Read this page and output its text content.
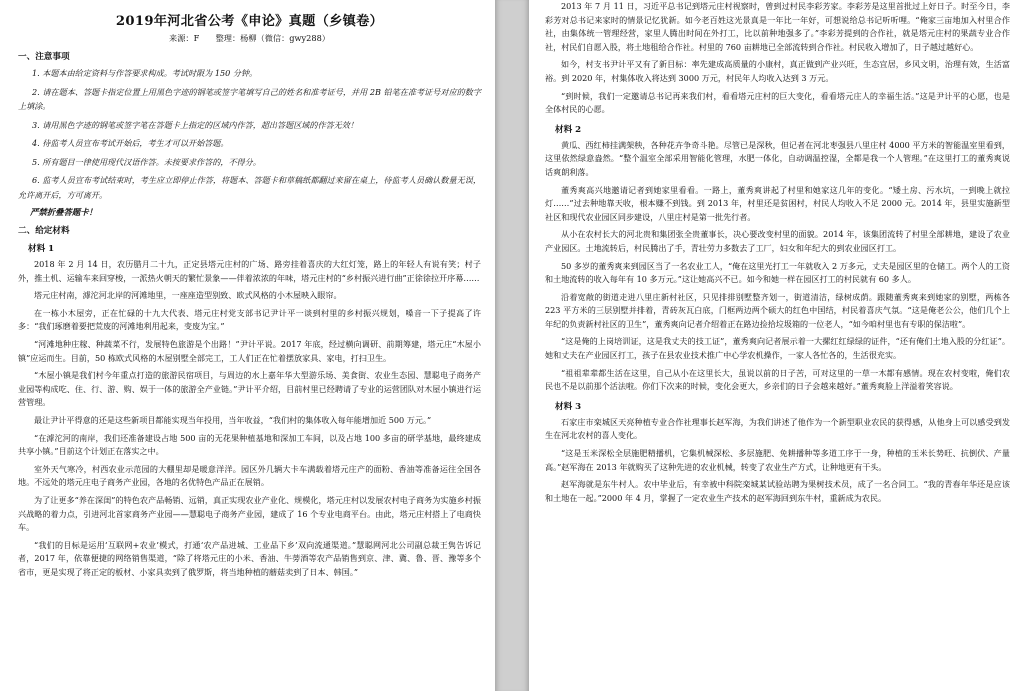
2019年河北省公考《申论》真题（乡镇卷）
来源：F　　整理：杨柳（微信：gwy288）
一、注意事项
1. 本题本由给定资料与作答要求构成。考试时限为 150 分钟。
2. 请在题本、答题卡指定位置上用黑色字迹的钢笔或签字笔填写自己的姓名和准考证号，并用 2B 铅笔在准考证号对应的数字上填涂。
3. 请用黑色字迹的钢笔或签字笔在答题卡上指定的区域内作答，超出答题区域的作答无效！
4. 待监考人员宣布考试开始后，考生才可以开始答题。
5. 所有题目一律使用现代汉语作答。未按要求作答的，不得分。
6. 监考人员宣布考试结束时，考生应立即停止作答，将题本、答题卡和草稿纸都翻过来留在桌上，待监考人员确认数量无误，允许离开后，方可离开。
严禁折叠答题卡！
二、给定材料
材料 1

2018 年 2 月 14 日，农历腊月二十九，正定县塔元庄村的广场、路旁挂着喜庆的大红灯笼，路上的年轻人有说有笑；村子外，推土机、运输车来回穿梭，一派热火朝天的繁忙景象——伴着浓浓的年味，塔元庄村的“乡村振兴进行曲”正徐徐拉开序幕……

塔元庄村南，滹沱河北岸的河滩地里，一座座造型别致、欧式风格的小木屋映入眼帘。

在一栋小木屋旁，正在忙碌的十九大代表、塔元庄村党支部书记尹计平一谈到村里的乡村振兴规划，嗓音一下子提高了许多：“我们琢磨着要把荒废的河滩地利用起来，变废为宝。”

“河滩地种庄稼、种蔬菜不行，发展特色旅游是个出路！”尹计平说。2017 年底，经过横向调研、前期筹建，塔元庄“木屋小镇”应运而生。目前，50 栋欧式风格的木屋别墅全部完工，工人们正在忙着摆放家具、家电，打扫卫生。

“木屋小镇是我们村今年重点打造的旅游民宿项目，与周边的水上嘉年华大型游乐场、美食街、农业生态园、慧聪电子商务产业园等构成吃、住、行、游、购、娱于一体的旅游全产业链。”尹计平介绍，目前村里已经聘请了专业的运营团队对木屋小镇进行运营管理。

最让尹计平得意的还是这些新项目都能实现当年投用，当年收益，“我们村的集体收入每年能增加近 500 万元。”

“在滹沱河的南岸，我们还准备建设占地 500 亩的无花果种植基地和深加工车间，以及占地 100 多亩的研学基地，最终建成共享小镇。”目前这个计划正在落实之中。

室外天气寒冷，村西农业示范园的大棚里却是暖意洋洋。园区外几辆大卡车满载着塔元庄产的面粉、香油等准备运往全国各地。不远处的塔元庄电子商务产业园，各地的名优特色产品正在展销。

为了让更多“养在深闺”的特色农产品畅销、远销，真正实现农业产业化、规模化，塔元庄村以发展农村电子商务为实施乡村振兴战略的着力点，引进河北首家商务产业园——慧聪电子商务产业园，建成了 16 个专业电商平台。由此，塔元庄村搭上了电商快车。

“我们的目标是运用‘互联网+农业’模式，打通‘农产品进城、工业品下乡’双向流通渠道。”慧聪网河北公司副总裁王隽告诉记者，2017 年，依靠便捷的网络销售渠道，“除了将塔元庄的小米、香油、牛蒡酒等农产品销售到京、津、冀、鲁、晋、豫等多个省市，更是实现了将正定的板材、小家具卖到了俄罗斯，将当地种植的蘑菇卖到了日本、韩国。”

2013 年 7 月 11 日，习近平总书记到塔元庄村视察时，曾到过村民李彩芳家。李彩芳是这里首批过上好日子。时至今日，李彩芳对总书记来家时的情景记忆犹新。如今老百姓这光景真是一年比一年好，可想说给总书记听听哩。“俺家三亩地加入村里合作社，由集体统一管理经营，家里人腾出时间在外打工，比以前种地强多了。”李彩芳提到的合作社，就是塔元庄村的果蔬专业合作社，村民们自愿入股，将土地租给合作社。村里的 760 亩耕地已全部流转到合作社。村民收入增加了，日子越过越好心。

如今，村支书尹计平又有了新目标：率先建成高质量的小康村，真正做到产业兴旺，生态宜居，乡风文明，治理有效，生活富裕。到 2020 年，村集体收入将达到 3000 万元，村民年人均收入达到 3 万元。

“到时候，我们一定邀请总书记再来我们村，看看塔元庄村的巨大变化，看看塔元庄人的幸福生活。”这是尹计平的心愿，也是全体村民的心愿。

材料 2

黄瓜、西红柿挂满架秧，各种花卉争奇斗艳。尽管已是深秋，但记者在河北枣强县八里庄村 4000 平方米的智能温室里看到，这里依然绿意盎然。“整个温室全部采用智能化管理，水肥一体化，自动调温控湿，全都是我一个人管理。”在这里打工的董秀爽说话爽朗利落。

董秀爽高兴地邀请记者到她家里看看。一路上，董秀爽讲起了村里和她家这几年的变化。“矮土房、污水坑，一到晚上就拉灯……”过去种地靠天收，根本赚不到钱。到 2013 年，村里还是贫困村，村民人均收入不足 2000 元。2014 年，县里实施新型社区和现代农业园区同步建设，八里庄村是第一批先行者。

从小在农村长大的河北贵和集团张全贵董事长，决心要改变村里的面貌。2014 年，该集团流转了村里全部耕地，建设了农业产业园区。土地流转后，村民腾出了手，青壮劳力多数去了工厂，妇女和年纪大的到农业园区打工。

50 多岁的董秀爽来到园区当了一名农业工人，“俺在这里光打工一年就收入 2 万多元，丈夫是园区里的仓储工。两个人的工资和土地流转的收入每年有 10 多万元。”这让她高兴不已。如今和她一样在园区打工的村民就有 60 多人。

沿着宽敞的街道走进八里庄新村社区，只见排排别墅整齐划一，街道清洁，绿树成荫。跟随董秀爽来到她家的别墅，两栋各 223 平方米的三层别墅并排着，青砖灰瓦白底，门框两边两个硕大的红色中国结，村民着喜庆气氛。“这是俺老公公，他们几个上年纪的负责新村社区的卫生”，董秀爽向记者介绍着正在路边捡拾垃圾箱的一位老人，“如今咱村里也有专职的保洁啦”。

“这是俺的上岗培训证，这是我丈夫的技工证”，董秀爽向记者展示着一大摞红红绿绿的证件，“还有俺们土地入股的分红证”。她和丈夫在产业园区打工，孩子在县农业技术推广中心学农机操作，一家人各忙各的，生活很充实。

“祖祖辈辈都生活在这里，自己从小在这里长大，虽说以前的日子苦，可对这里的一草一木都有感情。现在农村变啦，俺们农民也不是以前那个活法啦。你们下次来的时候，变化会更大，乡亲们的日子会越来越好。”董秀爽脸上洋溢着笑容说。

材料 3

石家庄市栾城区天亮种植专业合作社理事长赵军海，为我们讲述了他作为一个新型职业农民的获得感，从他身上可以感受到发生在河北农村的喜人变化。

“这是玉米深松全层施肥精播机，它集机械深松、多层施肥、免耕播种等多道工序于一身，种植的玉米长势旺、抗倒伏、产量高。”赵军海在 2013 年就购买了这种先进的农业机械，转变了农业生产方式，让种地更有干头。

赵军海就是东牛村人。农中毕业后，有幸被中科院栾城某试验站聘为果树技术员，成了一名合同工。“我的青春年华还是应该和土地在一起。”2000 年 4 月，掌握了一定农业生产技术的赵军海回到东牛村，重新成为农民。
